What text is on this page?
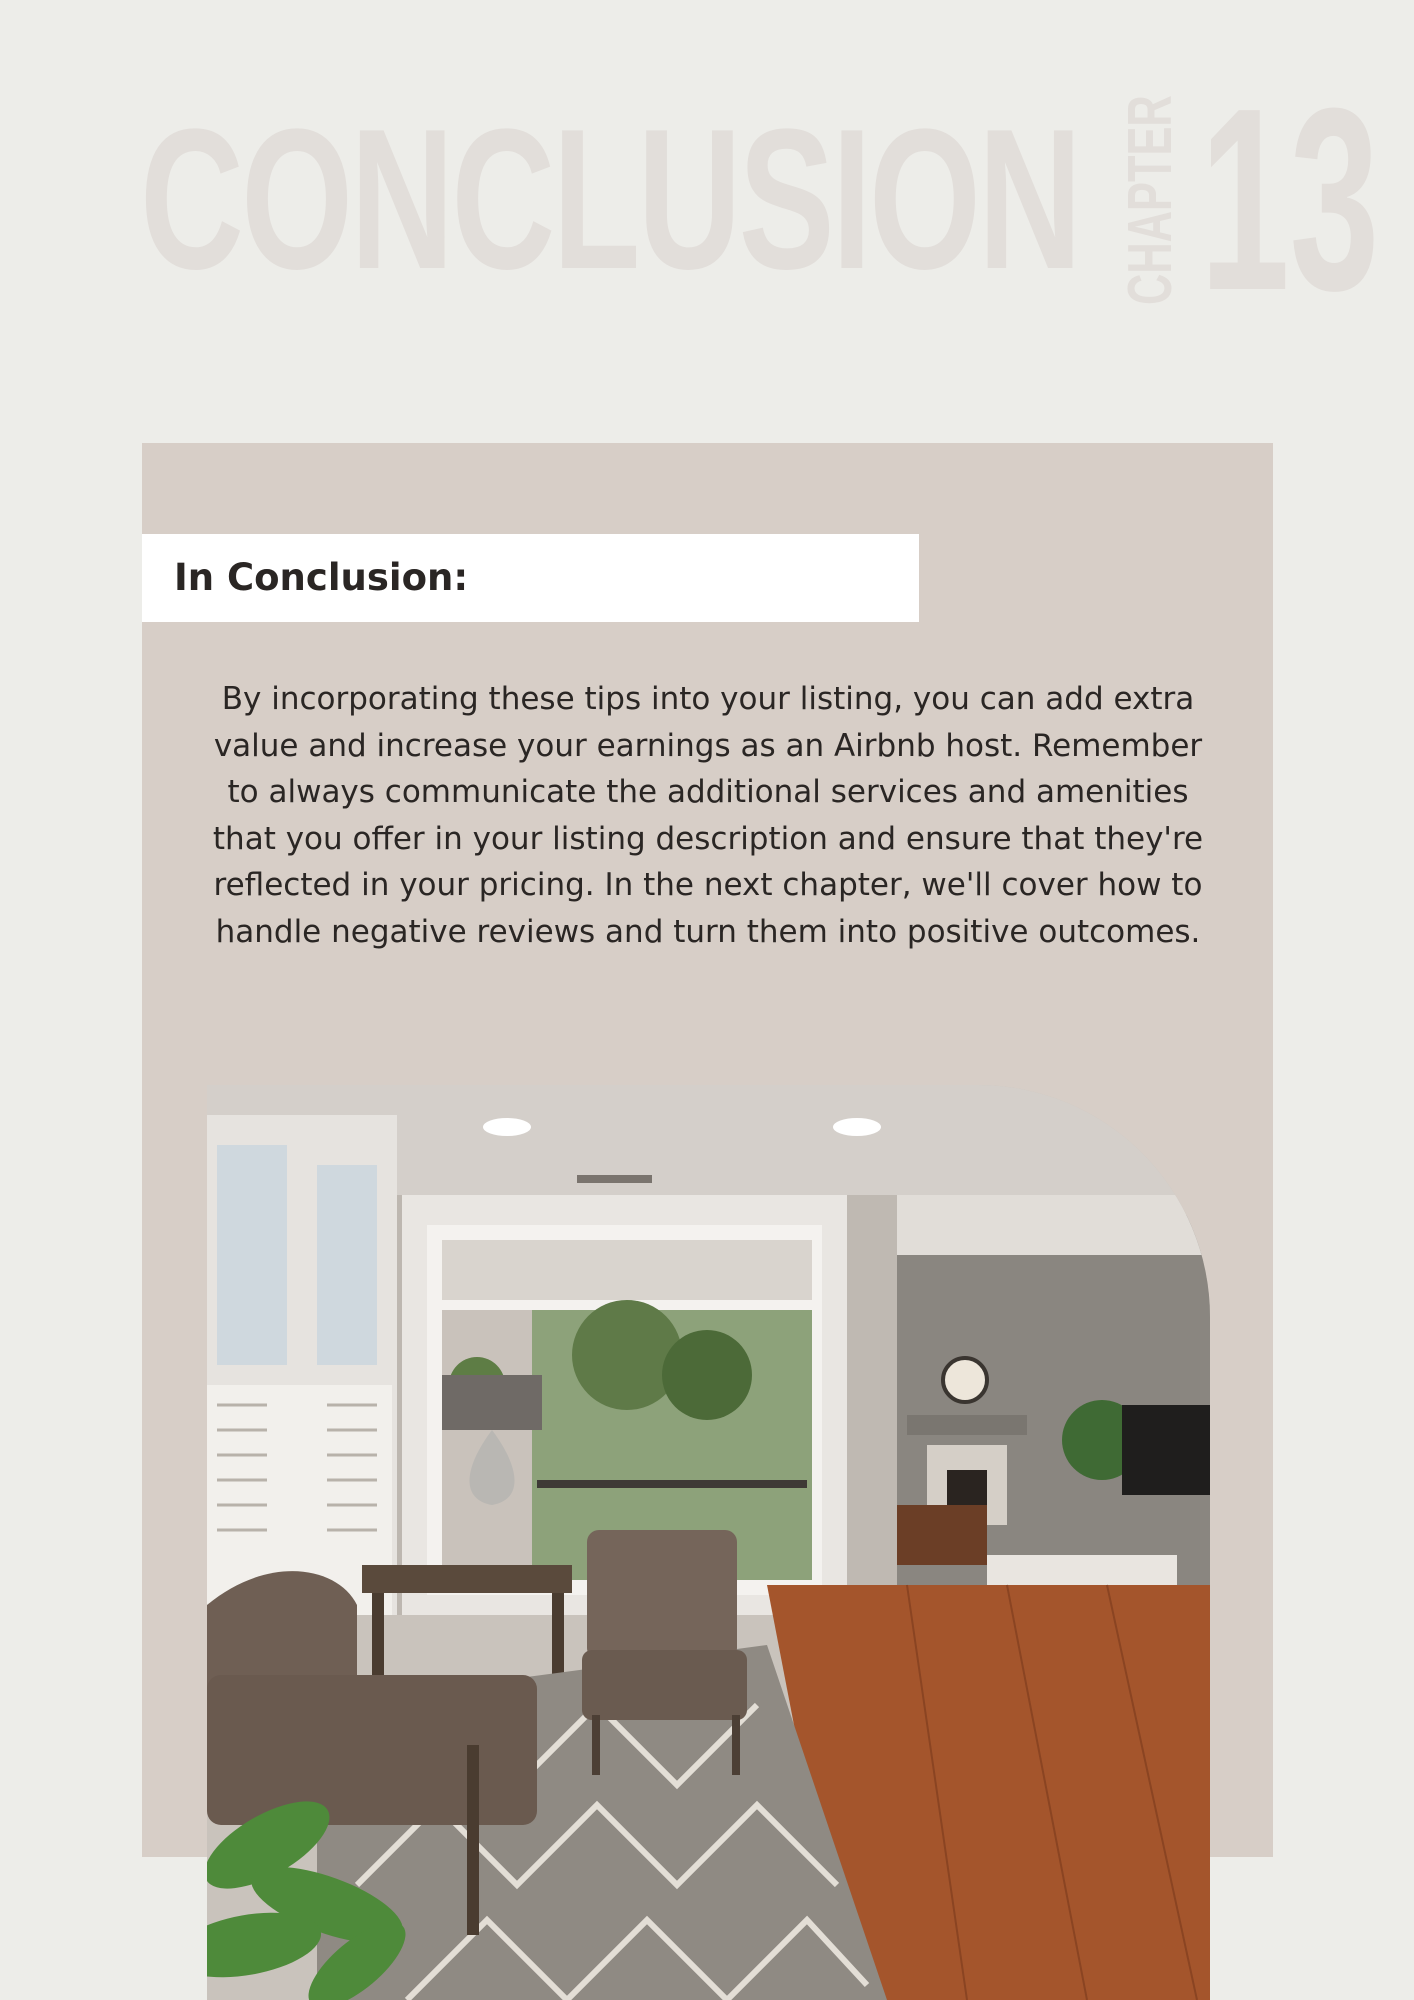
CONCLUSION CHAPTER 13
In Conclusion:
By incorporating these tips into your listing, you can add extra value and increase your earnings as an Airbnb host. Remember to always communicate the additional services and amenities that you offer in your listing description and ensure that they're reflected in your pricing. In the next chapter, we'll cover how to handle negative reviews and turn them into positive outcomes.
